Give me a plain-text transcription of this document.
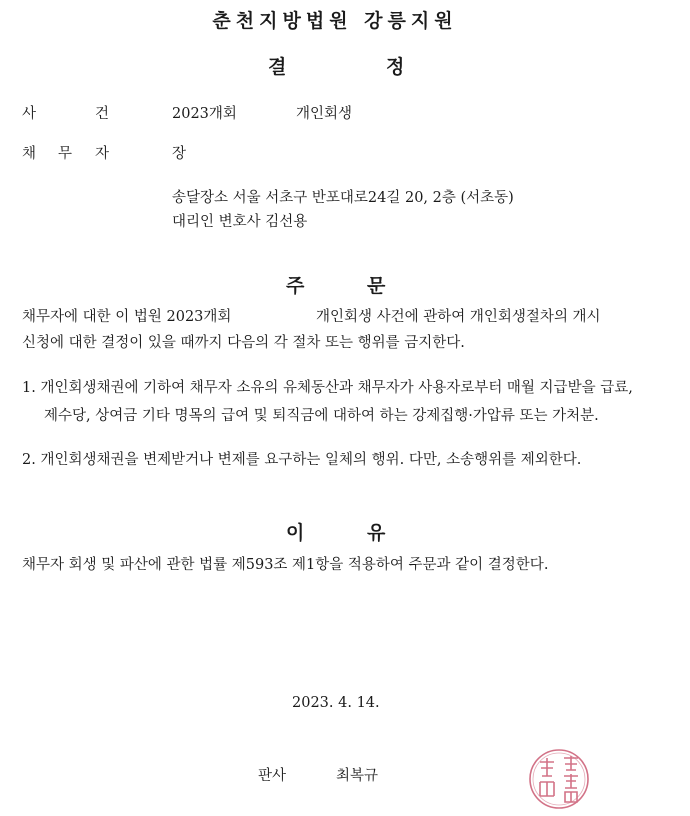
춘천지방법원 강릉지원
결	정
사	건	2023개회	개인회생
채 무 자	장
송달장소 서울 서초구 반포대로24길 20, 2층 (서초동)
대리인 변호사 김선용
주	문
채무자에 대한 이 법원 2023개회	개인회생 사건에 관하여 개인회생절차의 개시
신청에 대한 결정이 있을 때까지 다음의 각 절차 또는 행위를 금지한다.
1. 개인회생채권에 기하여 채무자 소유의 유체동산과 채무자가 사용자로부터 매월 지급받을 급료, 제수당, 상여금 기타 명목의 급여 및 퇴직금에 대하여 하는 강제집행·가압류 또는 가처분.
2. 개인회생채권을 변제받거나 변제를 요구하는 일체의 행위. 다만, 소송행위를 제외한다.
이	유
채무자 회생 및 파산에 관한 법률 제593조 제1항을 적용하여 주문과 같이 결정한다.
2023. 4. 14.
판사	최복규
